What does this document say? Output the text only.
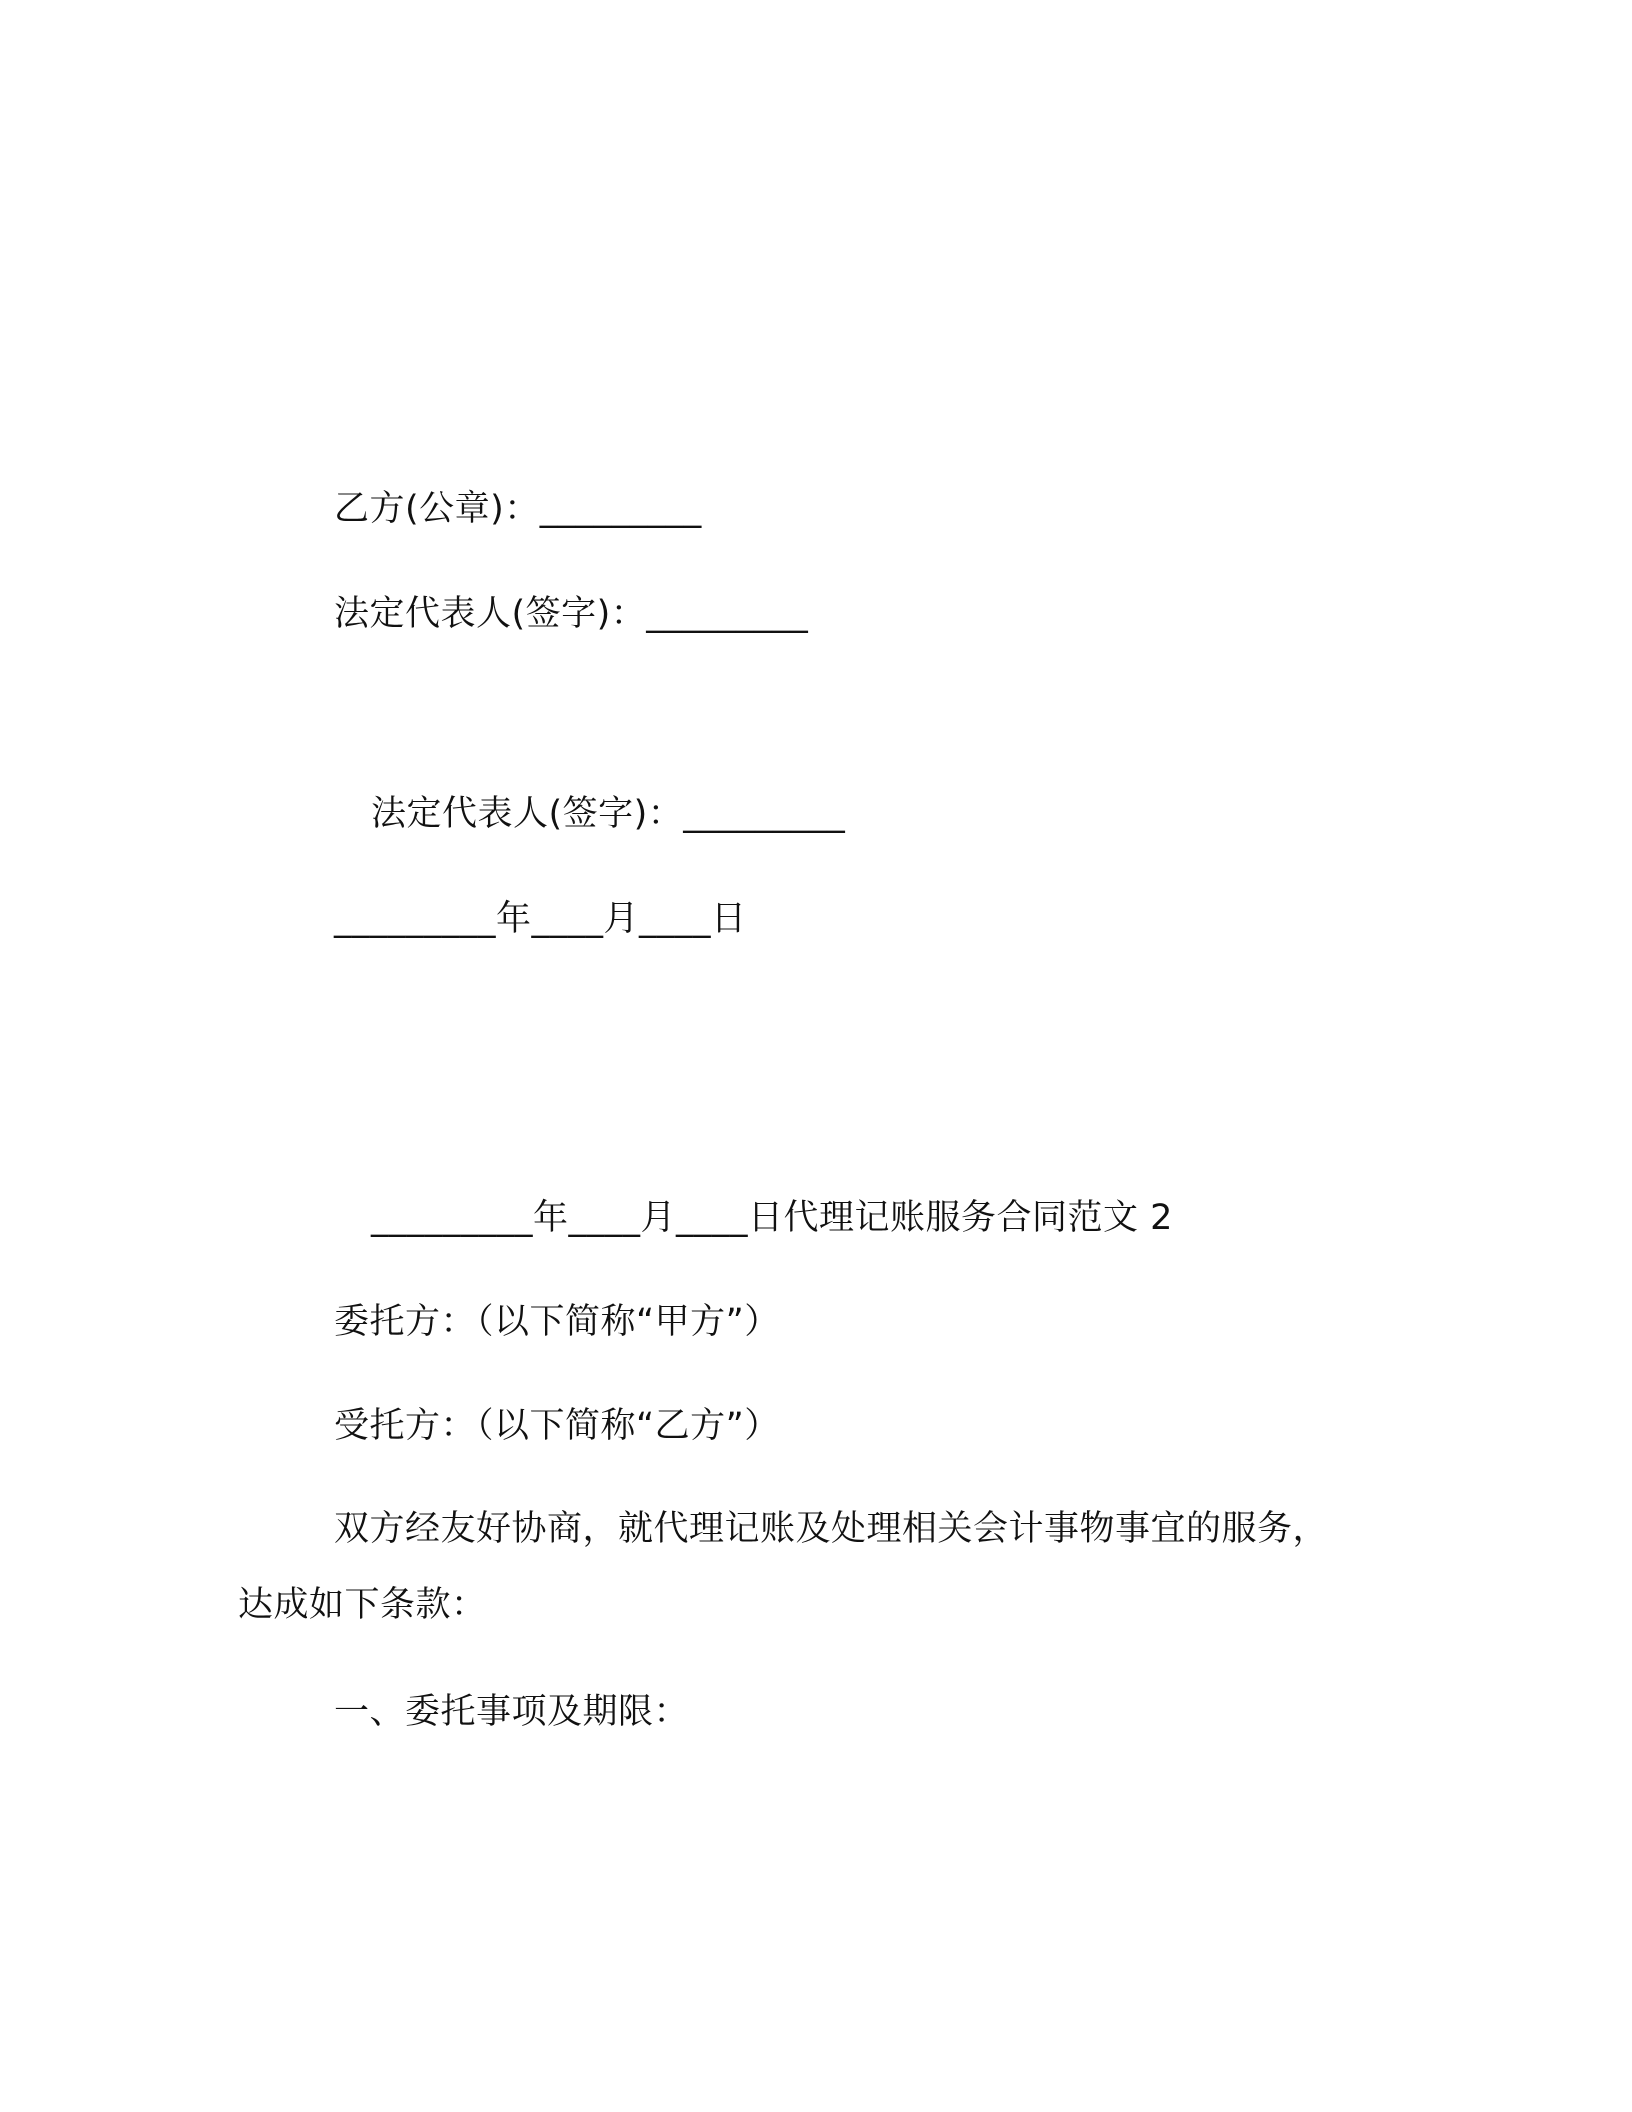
乙方(公章)：_________
法定代表人(签字)：_________
法定代表人(签字)：_________
_________年____月____日
_________年____月____日代理记账服务合同范文 2
委托方：（以下简称“甲方”）
受托方：（以下简称“乙方”）
双方经友好协商，就代理记账及处理相关会计事物事宜的服务，
达成如下条款：
一、委托事项及期限：
